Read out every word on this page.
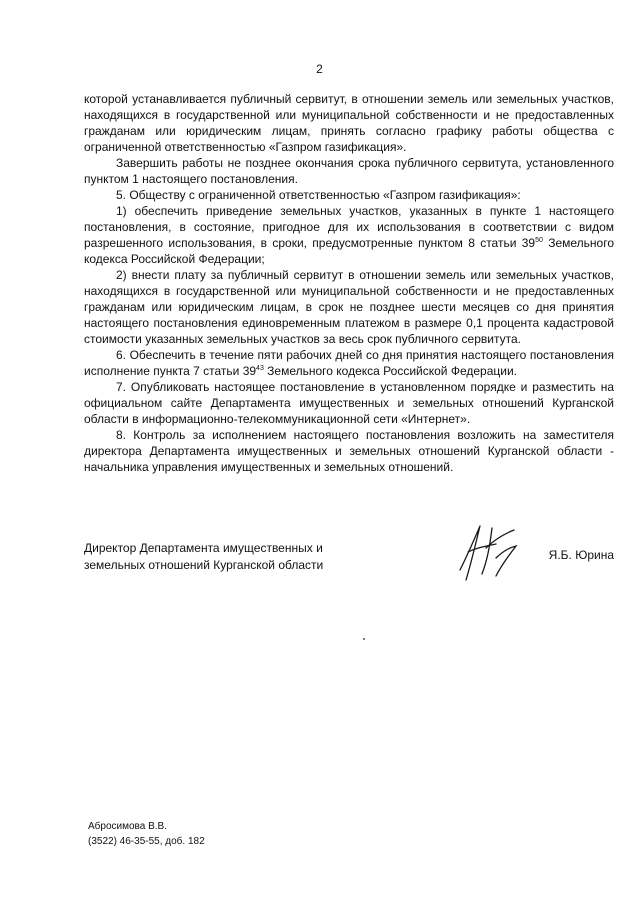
2

которой устанавливается публичный сервитут, в отношении земель или земельных участков, находящихся в государственной или муниципальной собственности и не предоставленных гражданам или юридическим лицам, принять согласно графику работы общества с ограниченной ответственностью «Газпром газификация».

Завершить работы не позднее окончания срока публичного сервитута, установленного пунктом 1 настоящего постановления.

5. Обществу с ограниченной ответственностью «Газпром газификация»:

1) обеспечить приведение земельных участков, указанных в пункте 1 настоящего постановления, в состояние, пригодное для их использования в соответствии с видом разрешенного использования, в сроки, предусмотренные пунктом 8 статьи $39^{50}$ Земельного кодекса Российской Федерации;

2) внести плату за публичный сервитут в отношении земель или земельных участков, находящихся в государственной или муниципальной собственности и не предоставленных гражданам или юридическим лицам, в срок не позднее шести месяцев со дня принятия настоящего постановления единовременным платежом в размере 0,1 процента кадастровой стоимости указанных земельных участков за весь срок публичного сервитута.

6. Обеспечить в течение пяти рабочих дней со дня принятия настоящего постановления исполнение пункта 7 статьи $39^{43}$ Земельного кодекса Российской Федерации.

7. Опубликовать настоящее постановление в установленном порядке и разместить на официальном сайте Департамента имущественных и земельных отношений Курганской области в информационно-телекоммуникационной сети «Интернет».

8. Контроль за исполнением настоящего постановления возложить на заместителя директора Департамента имущественных и земельных отношений Курганской области - начальника управления имущественных и земельных отношений.

Директор Департамента имущественных и
земельных отношений Курганской области
Я.Б. Юрина
Абросимова В.В.
(3522) 46-35-55, доб. 182
